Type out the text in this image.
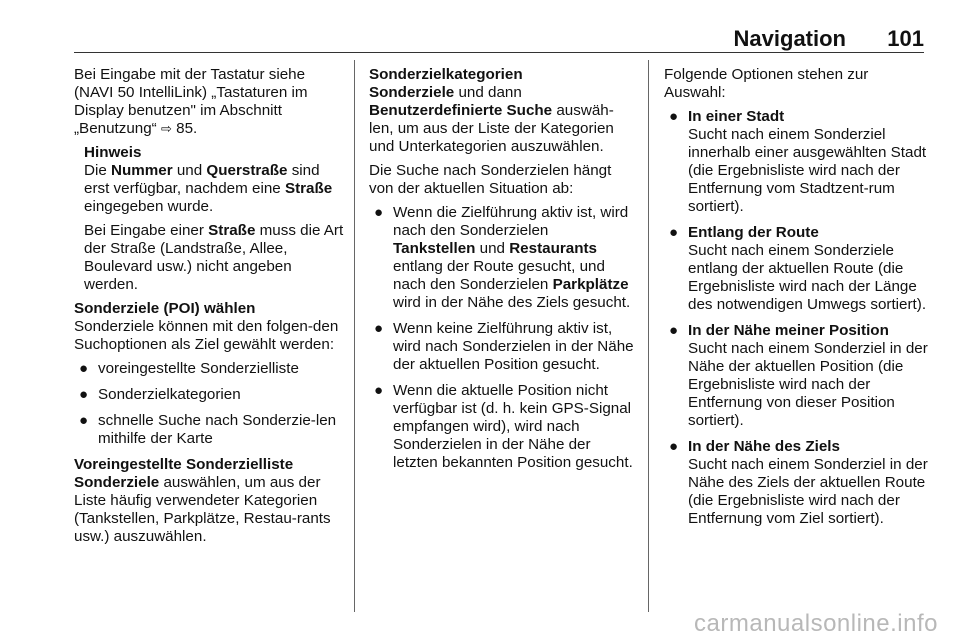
Navigation 101

Bei Eingabe mit der Tastatur siehe (NAVI 50 IntelliLink) „Tastaturen im Display benutzen" im Abschnitt „Benutzung“ ⇨ 85.

Hinweis

Die Nummer und Querstraße sind erst verfügbar, nachdem eine Straße eingegeben wurde.

Bei Eingabe einer Straße muss die Art der Straße (Landstraße, Allee, Boulevard usw.) nicht angeben werden.

Sonderziele (POI) wählen

Sonderziele können mit den folgen-den Suchoptionen als Ziel gewählt werden:

● voreingestellte Sonderzielliste
● Sonderzielkategorien
● schnelle Suche nach Sonderzie-len mithilfe der Karte
Voreingestellte Sonderzielliste

Sonderziele auswählen, um aus der Liste häufig verwendeter Kategorien (Tankstellen, Parkplätze, Restau-rants usw.) auszuwählen.

Sonderzielkategorien

Sonderziele und dann
Benutzerdefinierte Suche auswäh-len, um aus der Liste der Kategorien und Unterkategorien auszuwählen.

Die Suche nach Sonderzielen hängt von der aktuellen Situation ab:

● Wenn die Zielführung aktiv ist, wird nach den Sonderzielen Tankstellen und Restaurants entlang der Route gesucht, und nach den Sonderzielen Parkplätze wird in der Nähe des Ziels gesucht.
● Wenn keine Zielführung aktiv ist, wird nach Sonderzielen in der Nähe der aktuellen Position gesucht.
● Wenn die aktuelle Position nicht verfügbar ist (d. h. kein GPS-Signal empfangen wird), wird nach Sonderzielen in der Nähe der letzten bekannten Position gesucht.

Folgende Optionen stehen zur Auswahl:

● In einer Stadt
Sucht nach einem Sonderziel innerhalb einer ausgewählten Stadt (die Ergebnisliste wird nach der Entfernung vom Stadtzent-rum sortiert).
● Entlang der Route
Sucht nach einem Sonderziele entlang der aktuellen Route (die Ergebnisliste wird nach der Länge des notwendigen Umwegs sortiert).
● In der Nähe meiner Position
Sucht nach einem Sonderziel in der Nähe der aktuellen Position (die Ergebnisliste wird nach der Entfernung von dieser Position sortiert).
● In der Nähe des Ziels
Sucht nach einem Sonderziel in der Nähe des Ziels der aktuellen Route (die Ergebnisliste wird nach der Entfernung vom Ziel sortiert).
carmanualsonline.info
